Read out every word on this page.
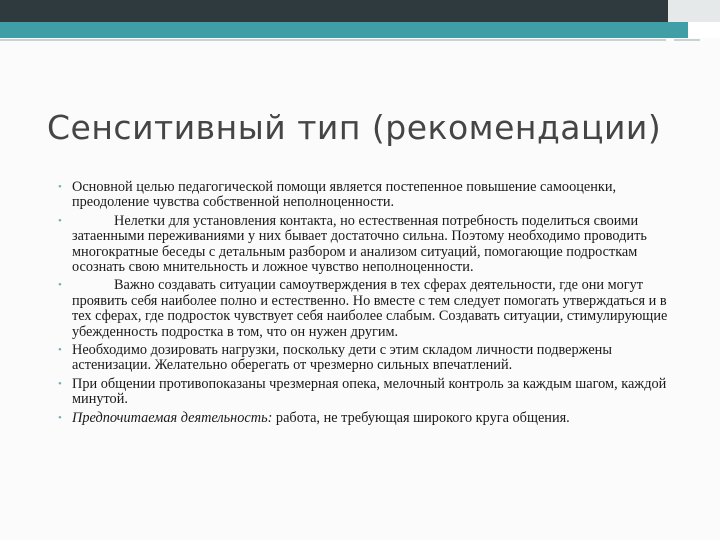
Сенситивный тип (рекомендации)
• Основной целью педагогической помощи является постепенное повышение самооценки, преодоление чувства собственной неполноценности.
•	Нелетки для установления контакта, но естественная потребность поделиться своими затаенными переживаниями у них бывает достаточно сильна. Поэтому необходимо проводить многократные беседы с детальным разбором и анализом ситуаций, помогающие подросткам осознать свою мнительность и ложное чувство неполноценности.
•	Важно создавать ситуации самоутверждения в тех сферах деятельности, где они могут проявить себя наиболее полно и естественно. Но вместе с тем следует помогать утверждаться и в тех сферах, где подросток чувствует себя наиболее слабым. Создавать ситуации, стимулирующие убежденность подростка в том, что он нужен другим.
• Необходимо дозировать нагрузки, поскольку дети с этим складом личности подвержены астенизации. Желательно оберегать от чрезмерно сильных впечатлений.
• При общении противопоказаны чрезмерная опека, мелочный контроль за каждым шагом, каждой минутой.
• Предпочитаемая деятельность: работа, не требующая широкого круга общения.
